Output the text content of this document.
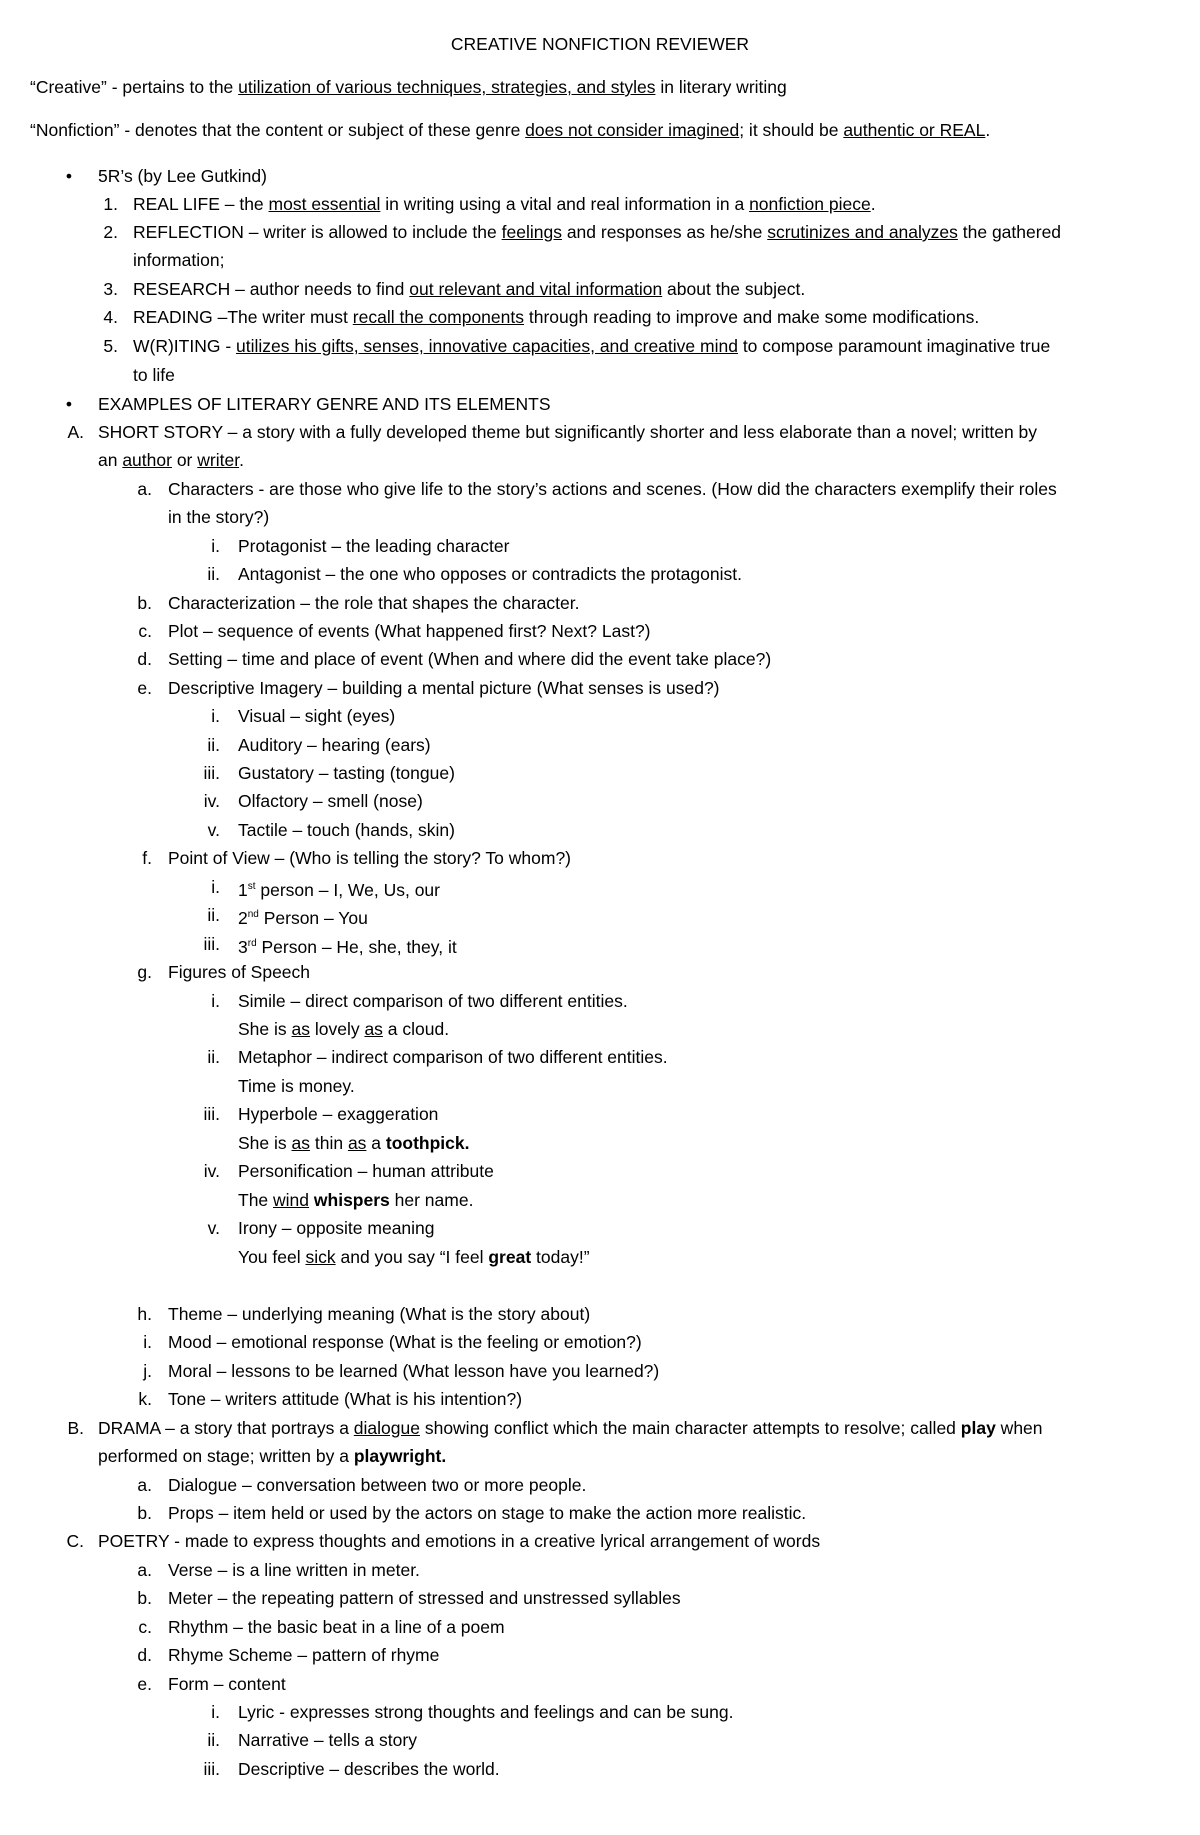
CREATIVE NONFICTION REVIEWER
“Creative” - pertains to the utilization of various techniques, strategies, and styles in literary writing
“Nonfiction” - denotes that the content or subject of these genre does not consider imagined; it should be authentic or REAL.
• 5R’s (by Lee Gutkind)
1. REAL LIFE – the most essential in writing using a vital and real information in a nonfiction piece.
2. REFLECTION – writer is allowed to include the feelings and responses as he/she scrutinizes and analyzes the gathered
information;
3. RESEARCH – author needs to find out relevant and vital information about the subject.
4. READING –The writer must recall the components through reading to improve and make some modifications.
5. W(R)ITING - utilizes his gifts, senses, innovative capacities, and creative mind to compose paramount imaginative true
to life
• EXAMPLES OF LITERARY GENRE AND ITS ELEMENTS
A. SHORT STORY – a story with a fully developed theme but significantly shorter and less elaborate than a novel; written by
an author or writer.
a. Characters - are those who give life to the story’s actions and scenes. (How did the characters exemplify their roles
in the story?)
i. Protagonist – the leading character
ii. Antagonist – the one who opposes or contradicts the protagonist.
b. Characterization – the role that shapes the character.
c. Plot – sequence of events (What happened first? Next? Last?)
d. Setting – time and place of event (When and where did the event take place?)
e. Descriptive Imagery – building a mental picture (What senses is used?)
i. Visual – sight (eyes)
ii. Auditory – hearing (ears)
iii. Gustatory – tasting (tongue)
iv. Olfactory – smell (nose)
v. Tactile – touch (hands, skin)
f. Point of View – (Who is telling the story? To whom?)
i. 1st person – I, We, Us, our
ii. 2nd Person – You
iii. 3rd Person – He, she, they, it
g. Figures of Speech
i. Simile – direct comparison of two different entities.
She is as lovely as a cloud.
ii. Metaphor – indirect comparison of two different entities.
Time is money.
iii. Hyperbole – exaggeration
She is as thin as a toothpick.
iv. Personification – human attribute
The wind whispers her name.
v. Irony – opposite meaning
You feel sick and you say “I feel great today!”
h. Theme – underlying meaning (What is the story about)
i. Mood – emotional response (What is the feeling or emotion?)
j. Moral – lessons to be learned (What lesson have you learned?)
k. Tone – writers attitude (What is his intention?)
B. DRAMA – a story that portrays a dialogue showing conflict which the main character attempts to resolve; called play when
performed on stage; written by a playwright.
a. Dialogue – conversation between two or more people.
b. Props – item held or used by the actors on stage to make the action more realistic.
C. POETRY - made to express thoughts and emotions in a creative lyrical arrangement of words
a. Verse – is a line written in meter.
b. Meter – the repeating pattern of stressed and unstressed syllables
c. Rhythm – the basic beat in a line of a poem
d. Rhyme Scheme – pattern of rhyme
e. Form – content
i. Lyric - expresses strong thoughts and feelings and can be sung.
ii. Narrative – tells a story
iii. Descriptive – describes the world.
